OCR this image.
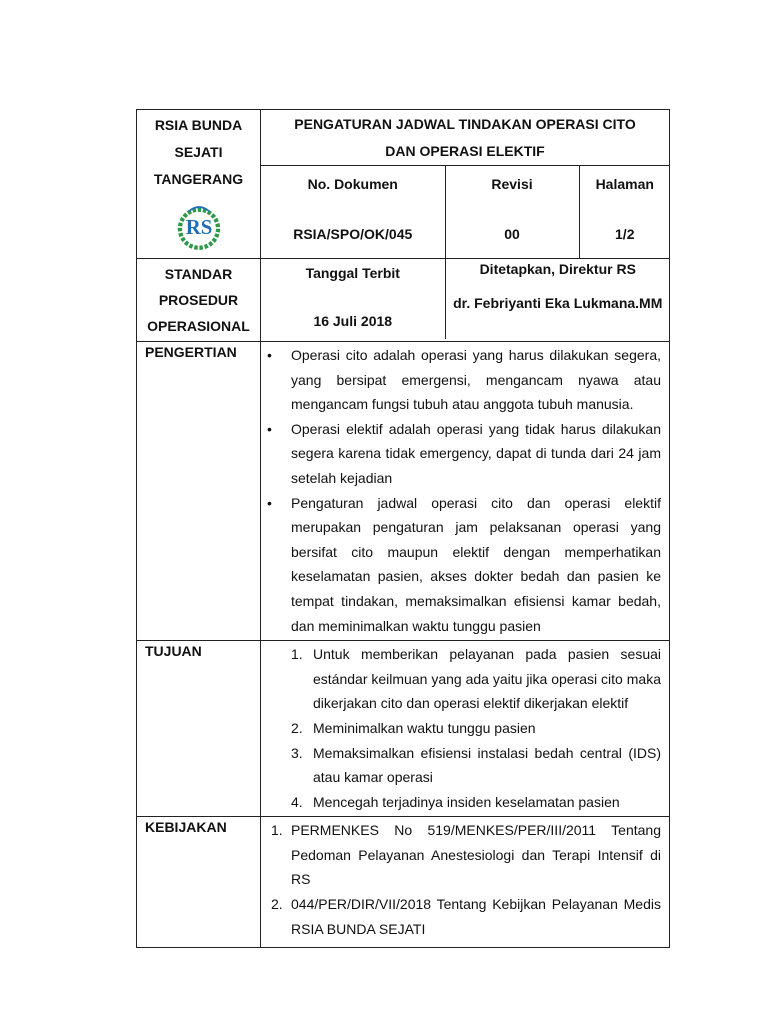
RSIA BUNDA
SEJATI
TANGERANG
RS

PENGATURAN JADWAL TINDAKAN OPERASI CITO
DAN OPERASI ELEKTIF
No. Dokumen	Revisi	Halaman
RSIA/SPO/OK/045	00	1/2

STANDAR
PROSEDUR
OPERASIONAL

Tanggal Terbit
16 Juli 2018

Ditetapkan, Direktur RS
dr. Febriyanti Eka Lukmana.MM

PENGERTIAN	• Operasi cito adalah operasi yang harus dilakukan segera, yang bersipat emergensi, mengancam nyawa atau mengancam fungsi tubuh atau anggota tubuh manusia.
• Operasi elektif adalah operasi yang tidak harus dilakukan segera karena tidak emergency, dapat di tunda dari 24 jam setelah kejadian
• Pengaturan jadwal operasi cito dan operasi elektif merupakan pengaturan jam pelaksanan operasi yang bersifat cito maupun elektif dengan memperhatikan keselamatan pasien, akses dokter bedah dan pasien ke tempat tindakan, memaksimalkan efisiensi kamar bedah, dan meminimalkan waktu tunggu pasien

TUJUAN	1. Untuk memberikan pelayanan pada pasien sesuai estándar keilmuan yang ada yaitu jika operasi cito maka dikerjakan cito dan operasi elektif dikerjakan elektif
2. Meminimalkan waktu tunggu pasien
3. Memaksimalkan efisiensi instalasi bedah central (IDS) atau kamar operasi
4. Mencegah terjadinya insiden keselamatan pasien

KEBIJAKAN	1. PERMENKES No 519/MENKES/PER/III/2011 Tentang Pedoman Pelayanan Anestesiologi dan Terapi Intensif di RS
2. 044/PER/DIR/VII/2018 Tentang Kebijkan Pelayanan Medis RSIA BUNDA SEJATI
